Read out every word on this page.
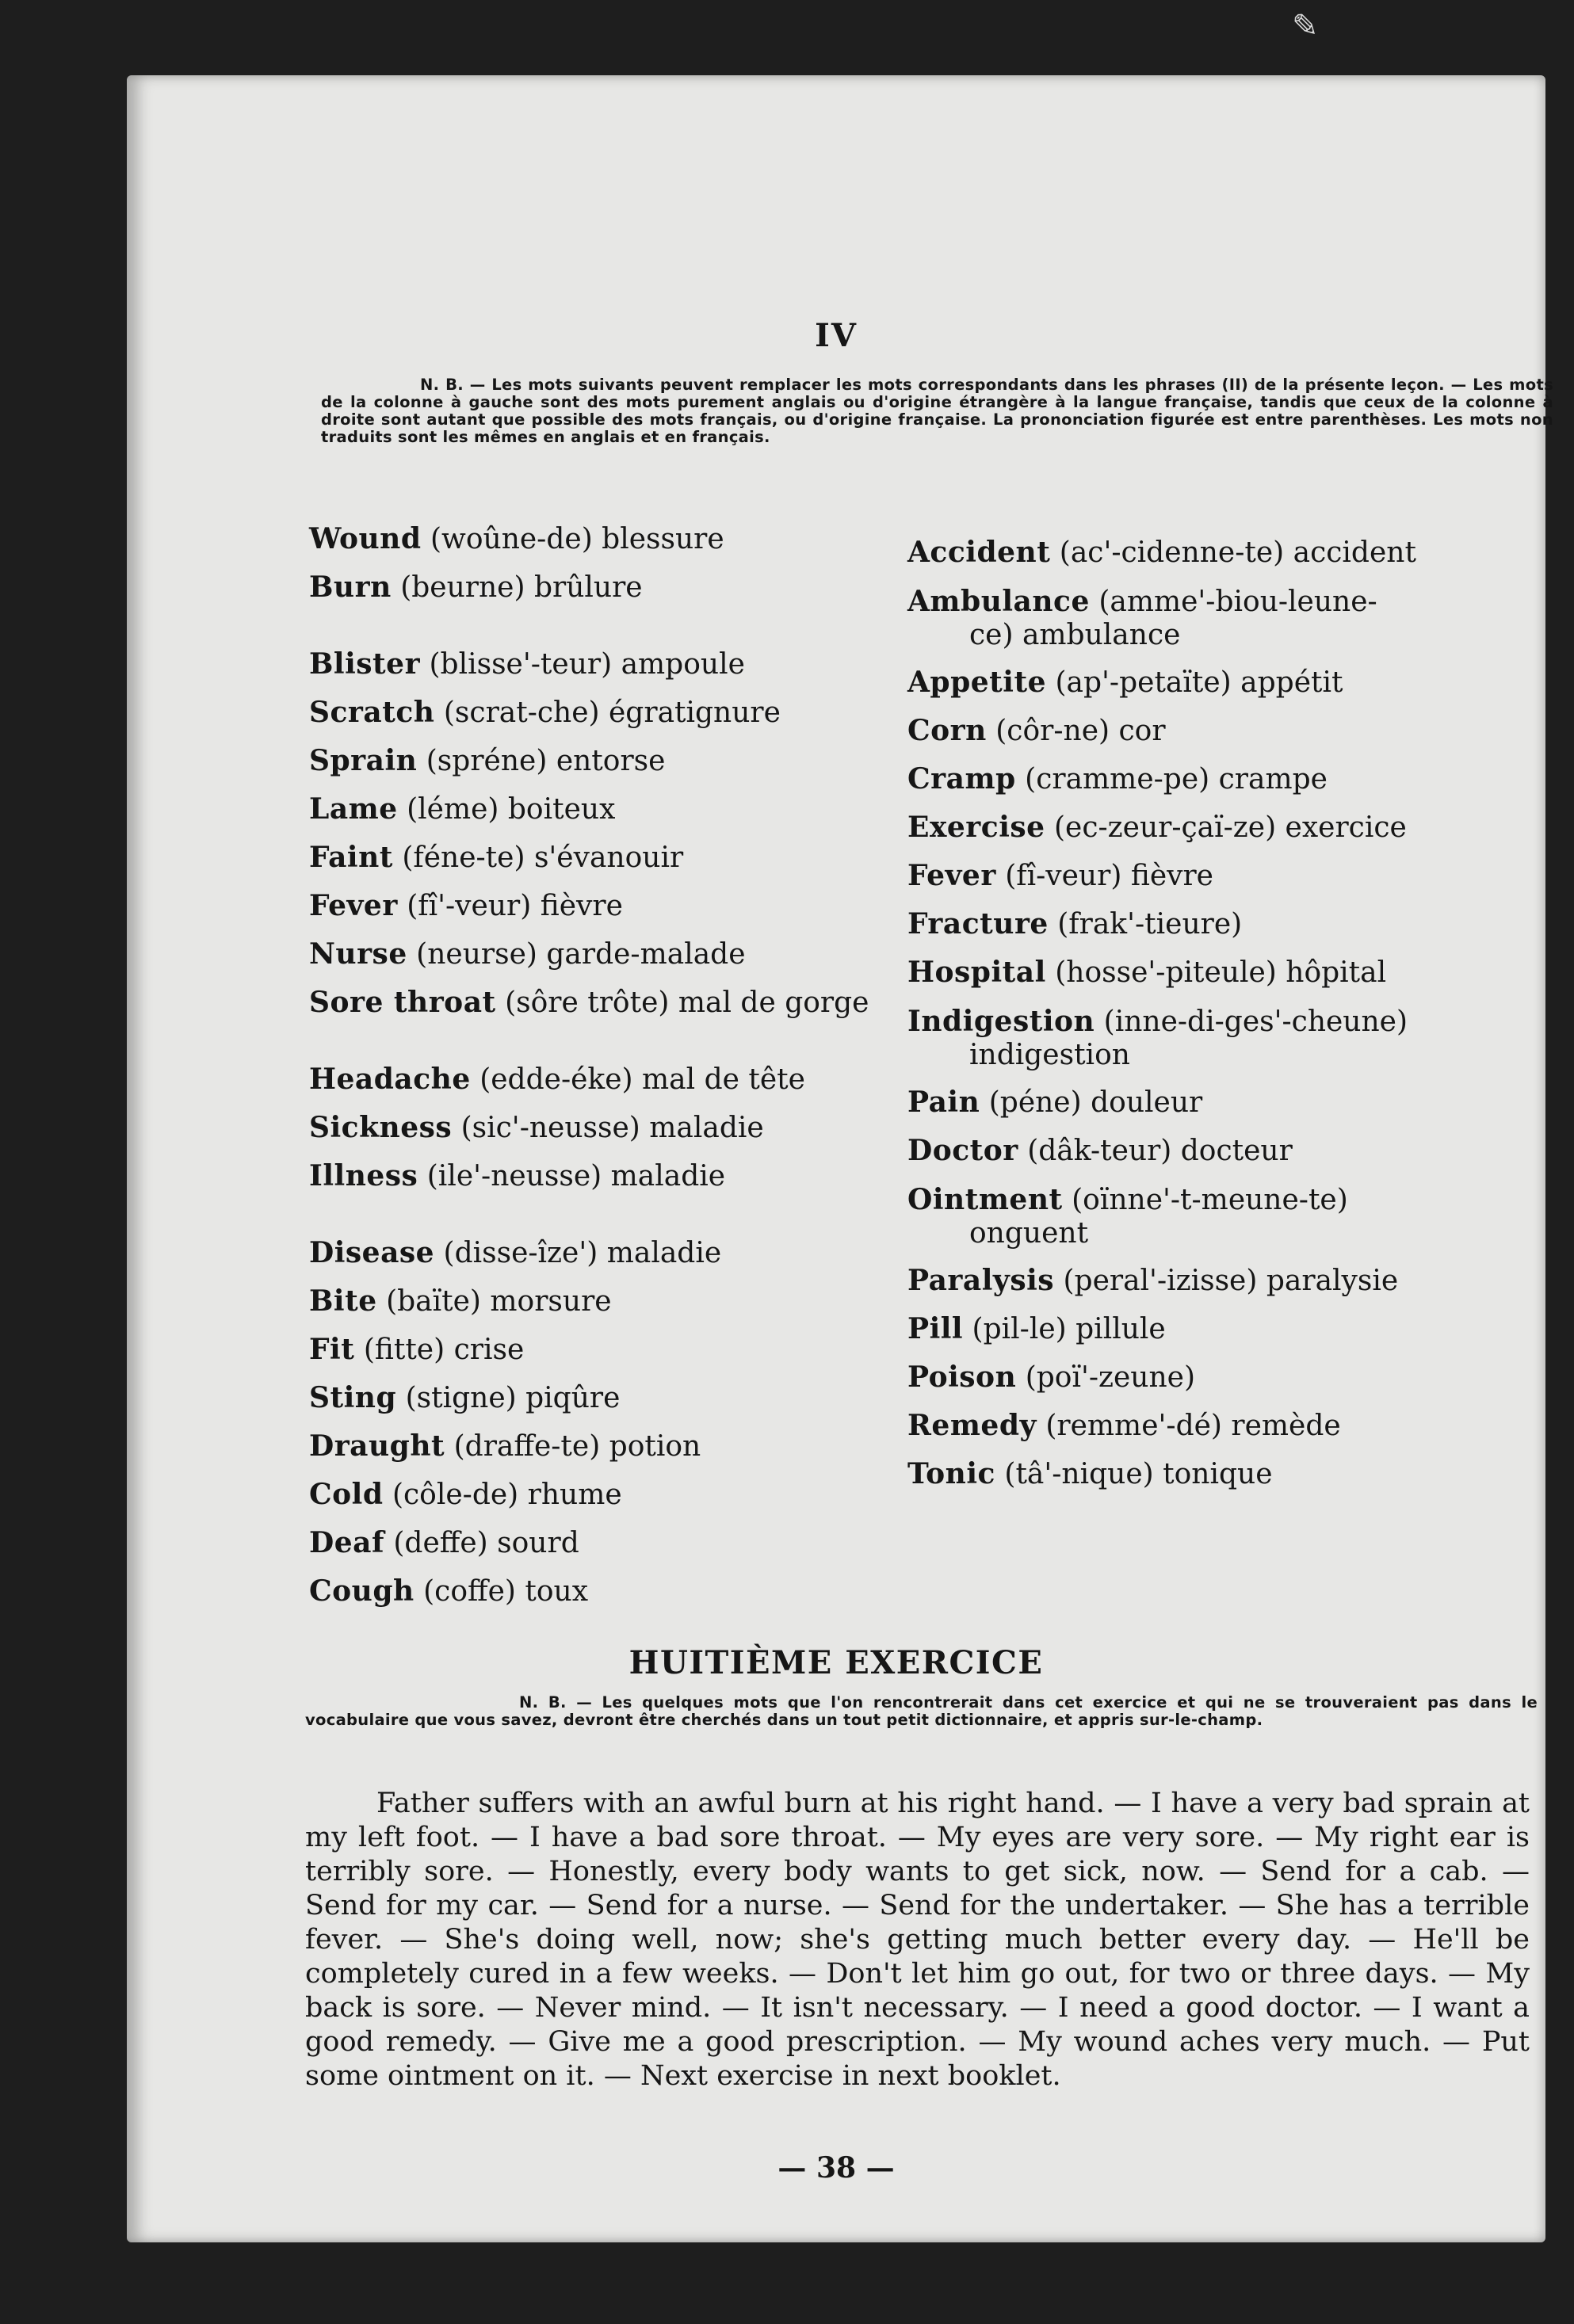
✎
IV
N. B. — Les mots suivants peuvent remplacer les mots correspondants dans les phrases (II) de la présente leçon. — Les mots de la colonne à gauche sont des mots purement anglais ou d'origine étrangère à la langue française, tandis que ceux de la colonne à droite sont autant que possible des mots français, ou d'origine française. La prononciation figurée est entre parenthèses. Les mots non traduits sont les mêmes en anglais et en français.
Wound (woûne-de) blessure
Burn (beurne) brûlure
Blister (blisse'-teur) ampoule
Scratch (scrat-che) égratignure
Sprain (spréne) entorse
Lame (léme) boiteux
Faint (féne-te) s'évanouir
Fever (fî'-veur) fièvre
Nurse (neurse) garde-malade
Sore throat (sôre trôte) mal de gorge
Headache (edde-éke) mal de tête
Sickness (sic'-neusse) maladie
Illness (ile'-neusse) maladie
Disease (disse-îze') maladie
Bite (baïte) morsure
Fit (fitte) crise
Sting (stigne) piqûre
Draught (draffe-te) potion
Cold (côle-de) rhume
Deaf (deffe) sourd
Cough (coffe) toux
Accident (ac'-cidenne-te) accident
Ambulance (amme'-biou-leune-
ce) ambulance
Appetite (ap'-petaïte) appétit
Corn (côr-ne) cor
Cramp (cramme-pe) crampe
Exercise (ec-zeur-çaï-ze) exercice
Fever (fî-veur) fièvre
Fracture (frak'-tieure)
Hospital (hosse'-piteule) hôpital
Indigestion (inne-di-ges'-cheune)
indigestion
Pain (péne) douleur
Doctor (dâk-teur) docteur
Ointment (oïnne'-t-meune-te)
onguent
Paralysis (peral'-izisse) paralysie
Pill (pil-le) pillule
Poison (poï'-zeune)
Remedy (remme'-dé) remède
Tonic (tâ'-nique) tonique
HUITIÈME EXERCICE
N. B. — Les quelques mots que l'on rencontrerait dans cet exercice et qui ne se trouveraient pas dans le vocabulaire que vous savez, devront être cherchés dans un tout petit dictionnaire, et appris sur-le-champ.
Father suffers with an awful burn at his right hand. — I have a very bad sprain at my left foot. — I have a bad sore throat. — My eyes are very sore. — My right ear is terribly sore. — Honestly, every body wants to get sick, now. — Send for a cab. — Send for my car. — Send for a nurse. — Send for the undertaker. — She has a terrible fever. — She's doing well, now; she's getting much better every day. — He'll be completely cured in a few weeks. — Don't let him go out, for two or three days. — My back is sore. — Never mind. — It isn't necessary. — I need a good doctor. — I want a good remedy. — Give me a good prescription. — My wound aches very much. — Put some ointment on it. — Next exercise in next booklet.
— 38 —
